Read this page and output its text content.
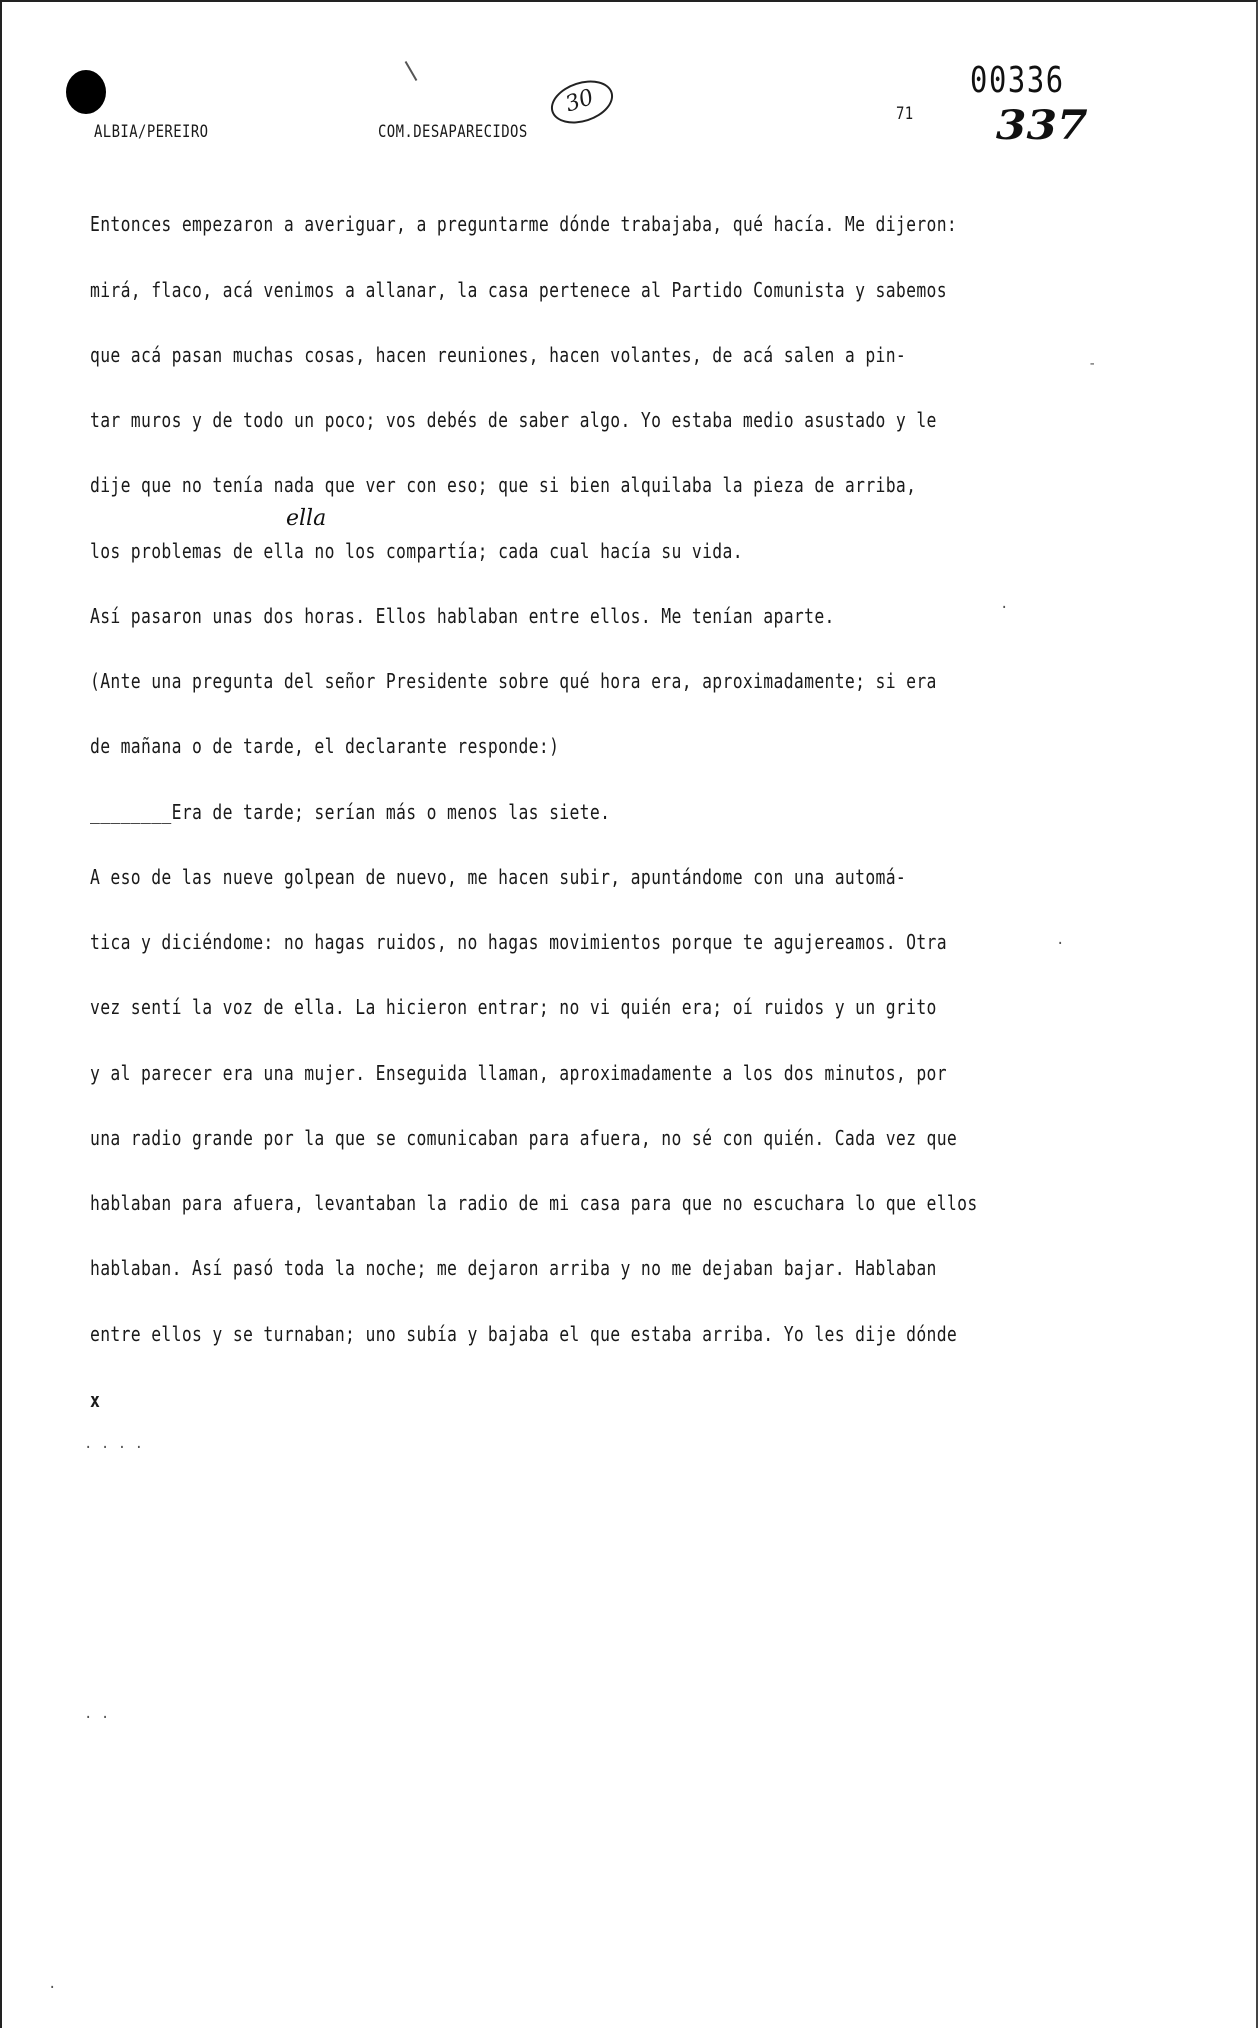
ALBIA/PEREIRO	COM.DESAPARECIDOS
30	71
00336
337
Entonces empezaron a averiguar, a preguntarme dónde trabajaba, qué hacía. Me dijeron:
mirá, flaco, acá venimos a allanar, la casa pertenece al Partido Comunista y sabemos
que acá pasan muchas cosas, hacen reuniones, hacen volantes, de acá salen a pin-
tar muros y de todo un poco; vos debés de saber algo. Yo estaba medio asustado y le
dije que no tenía nada que ver con eso; que si bien alquilaba la pieza de arriba,
los problemas de ella no los compartía; cada cual hacía su vida.
Así pasaron unas dos horas. Ellos hablaban entre ellos. Me tenían aparte.
(Ante una pregunta del señor Presidente sobre qué hora era, aproximadamente; si era
de mañana o de tarde, el declarante responde:)
________Era de tarde; serían más o menos las siete.
A eso de las nueve golpean de nuevo, me hacen subir, apuntándome con una automá-
tica y diciéndome: no hagas ruidos, no hagas movimientos porque te agujereamos. Otra
vez sentí la voz de ella. La hicieron entrar; no vi quién era; oí ruidos y un grito
y al parecer era una mujer. Enseguida llaman, aproximadamente a los dos minutos, por
una radio grande por la que se comunicaban para afuera, no sé con quién. Cada vez que
hablaban para afuera, levantaban la radio de mi casa para que no escuchara lo que ellos
hablaban. Así pasó toda la noche; me dejaron arriba y no me dejaban bajar. Hablaban
entre ellos y se turnaban; uno subía y bajaba el que estaba arriba. Yo les dije dónde
ella
x
-
·
·
· · · ·
· ·
·
